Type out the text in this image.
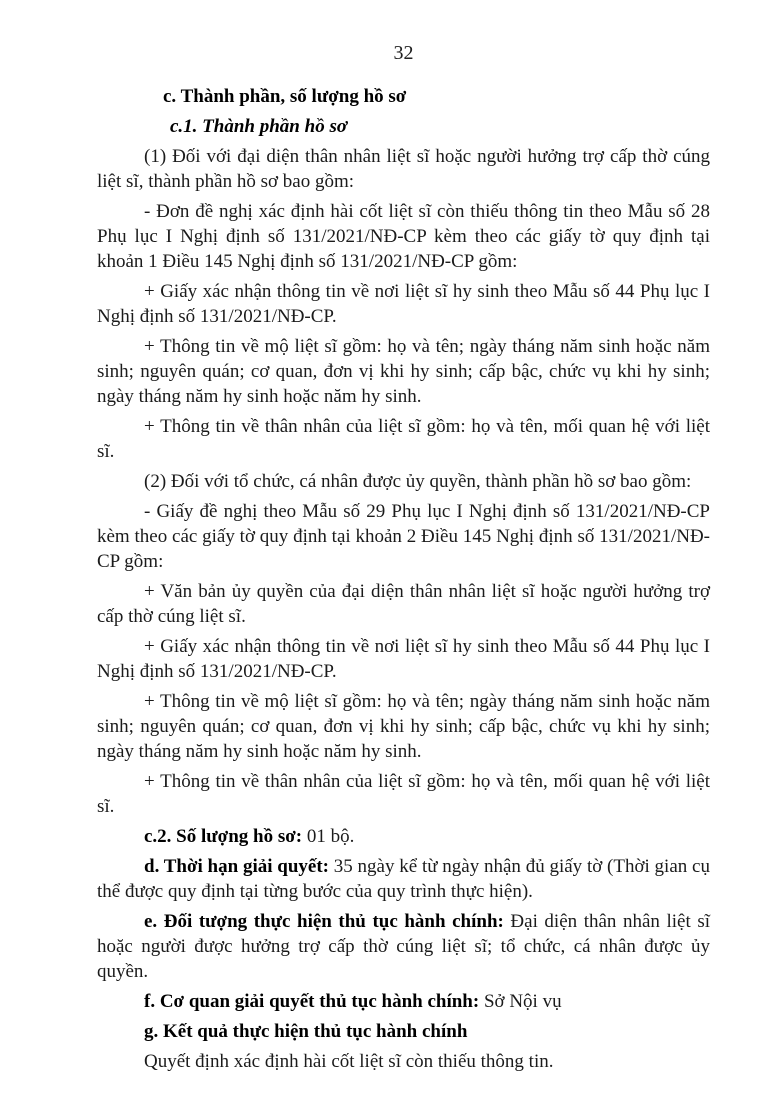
32

c. Thành phần, số lượng hồ sơ

c.1. Thành phần hồ sơ

(1) Đối với đại diện thân nhân liệt sĩ hoặc người hưởng trợ cấp thờ cúng liệt sĩ, thành phần hồ sơ bao gồm:

- Đơn đề nghị xác định hài cốt liệt sĩ còn thiếu thông tin theo Mẫu số 28 Phụ lục I Nghị định số 131/2021/NĐ-CP kèm theo các giấy tờ quy định tại khoản 1 Điều 145 Nghị định số 131/2021/NĐ-CP gồm:

+ Giấy xác nhận thông tin về nơi liệt sĩ hy sinh theo Mẫu số 44 Phụ lục I Nghị định số 131/2021/NĐ-CP.

+ Thông tin về mộ liệt sĩ gồm: họ và tên; ngày tháng năm sinh hoặc năm sinh; nguyên quán; cơ quan, đơn vị khi hy sinh; cấp bậc, chức vụ khi hy sinh; ngày tháng năm hy sinh hoặc năm hy sinh.

+ Thông tin về thân nhân của liệt sĩ gồm: họ và tên, mối quan hệ với liệt sĩ.

(2) Đối với tổ chức, cá nhân được ủy quyền, thành phần hồ sơ bao gồm:

- Giấy đề nghị theo Mẫu số 29 Phụ lục I Nghị định số 131/2021/NĐ-CP kèm theo các giấy tờ quy định tại khoản 2 Điều 145 Nghị định số 131/2021/NĐ-CP gồm:

+ Văn bản ủy quyền của đại diện thân nhân liệt sĩ hoặc người hưởng trợ cấp thờ cúng liệt sĩ.

+ Giấy xác nhận thông tin về nơi liệt sĩ hy sinh theo Mẫu số 44 Phụ lục I Nghị định số 131/2021/NĐ-CP.

+ Thông tin về mộ liệt sĩ gồm: họ và tên; ngày tháng năm sinh hoặc năm sinh; nguyên quán; cơ quan, đơn vị khi hy sinh; cấp bậc, chức vụ khi hy sinh; ngày tháng năm hy sinh hoặc năm hy sinh.

+ Thông tin về thân nhân của liệt sĩ gồm: họ và tên, mối quan hệ với liệt sĩ.

c.2. Số lượng hồ sơ: 01 bộ.

d. Thời hạn giải quyết: 35 ngày kể từ ngày nhận đủ giấy tờ (Thời gian cụ thể được quy định tại từng bước của quy trình thực hiện).

e. Đối tượng thực hiện thủ tục hành chính: Đại diện thân nhân liệt sĩ hoặc người được hưởng trợ cấp thờ cúng liệt sĩ; tổ chức, cá nhân được ủy quyền.

f. Cơ quan giải quyết thủ tục hành chính: Sở Nội vụ

g. Kết quả thực hiện thủ tục hành chính

Quyết định xác định hài cốt liệt sĩ còn thiếu thông tin.
